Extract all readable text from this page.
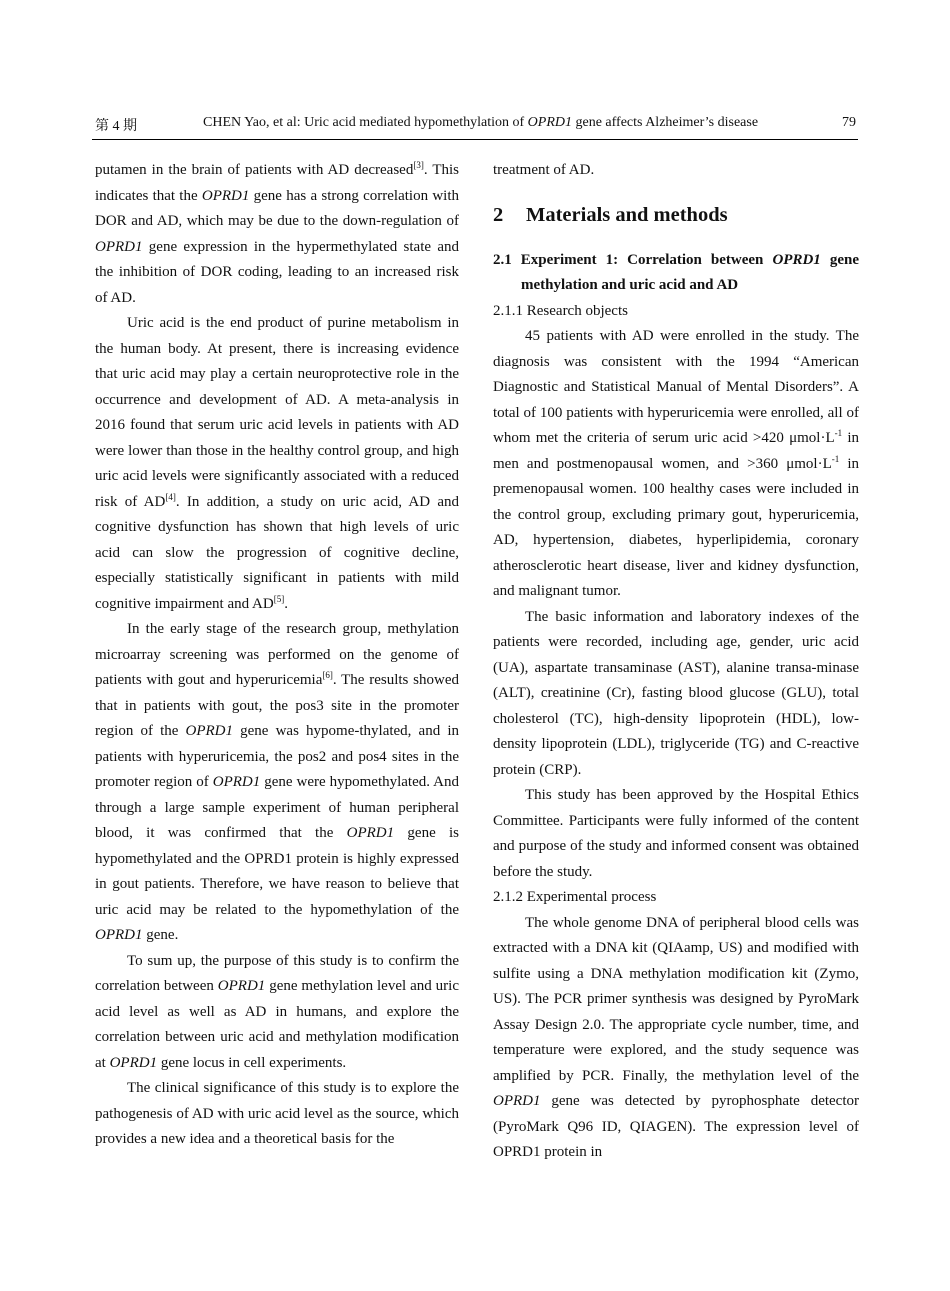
第 4 期	CHEN Yao, et al: Uric acid mediated hypomethylation of OPRD1 gene affects Alzheimer’s disease	79

putamen in the brain of patients with AD decreased[3]. This indicates that the OPRD1 gene has a strong correlation with DOR and AD, which may be due to the down-regulation of OPRD1 gene expression in the hypermethylated state and the inhibition of DOR coding, leading to an increased risk of AD.

Uric acid is the end product of purine metabolism in the human body. At present, there is increasing evidence that uric acid may play a certain neuroprotective role in the occurrence and development of AD. A meta-analysis in 2016 found that serum uric acid levels in patients with AD were lower than those in the healthy control group, and high uric acid levels were significantly associated with a reduced risk of AD[4]. In addition, a study on uric acid, AD and cognitive dysfunction has shown that high levels of uric acid can slow the progression of cognitive decline, especially statistically significant in patients with mild cognitive impairment and AD[5].

In the early stage of the research group, methylation microarray screening was performed on the genome of patients with gout and hyperuricemia[6]. The results showed that in patients with gout, the pos3 site in the promoter region of the OPRD1 gene was hypome-thylated, and in patients with hyperuricemia, the pos2 and pos4 sites in the promoter region of OPRD1 gene were hypomethylated. And through a large sample experiment of human peripheral blood, it was confirmed that the OPRD1 gene is hypomethylated and the OPRD1 protein is highly expressed in gout patients. Therefore, we have reason to believe that uric acid may be related to the hypomethylation of the OPRD1 gene.

To sum up, the purpose of this study is to confirm the correlation between OPRD1 gene methylation level and uric acid level as well as AD in humans, and explore the correlation between uric acid and methylation modification at OPRD1 gene locus in cell experiments.

The clinical significance of this study is to explore the pathogenesis of AD with uric acid level as the source, which provides a new idea and a theoretical basis for the

treatment of AD.

2 Materials and methods
2.1 Experiment 1: Correlation between OPRD1 gene methylation and uric acid and AD
2.1.1 Research objects

45 patients with AD were enrolled in the study. The diagnosis was consistent with the 1994 “American Diagnostic and Statistical Manual of Mental Disorders”. A total of 100 patients with hyperuricemia were enrolled, all of whom met the criteria of serum uric acid >420 $\mu mol\cdot L^{-1}$ in men and postmenopausal women, and >360 $\mu mol\cdot L^{-1}$ in premenopausal women. 100 healthy cases were included in the control group, excluding primary gout, hyperuricemia, AD, hypertension, diabetes, hyperlipidemia, coronary atherosclerotic heart disease, liver and kidney dysfunction, and malignant tumor.

The basic information and laboratory indexes of the patients were recorded, including age, gender, uric acid (UA), aspartate transaminase (AST), alanine transa-minase (ALT), creatinine (Cr), fasting blood glucose (GLU), total cholesterol (TC), high-density lipoprotein (HDL), low-density lipoprotein (LDL), triglyceride (TG) and C-reactive protein (CRP).

This study has been approved by the Hospital Ethics Committee. Participants were fully informed of the content and purpose of the study and informed consent was obtained before the study.

2.1.2 Experimental process

The whole genome DNA of peripheral blood cells was extracted with a DNA kit (QIAamp, US) and modified with sulfite using a DNA methylation modification kit (Zymo, US). The PCR primer synthesis was designed by PyroMark Assay Design 2.0. The appropriate cycle number, time, and temperature were explored, and the study sequence was amplified by PCR. Finally, the methylation level of the OPRD1 gene was detected by pyrophosphate detector (PyroMark Q96 ID, QIAGEN). The expression level of OPRD1 protein in
